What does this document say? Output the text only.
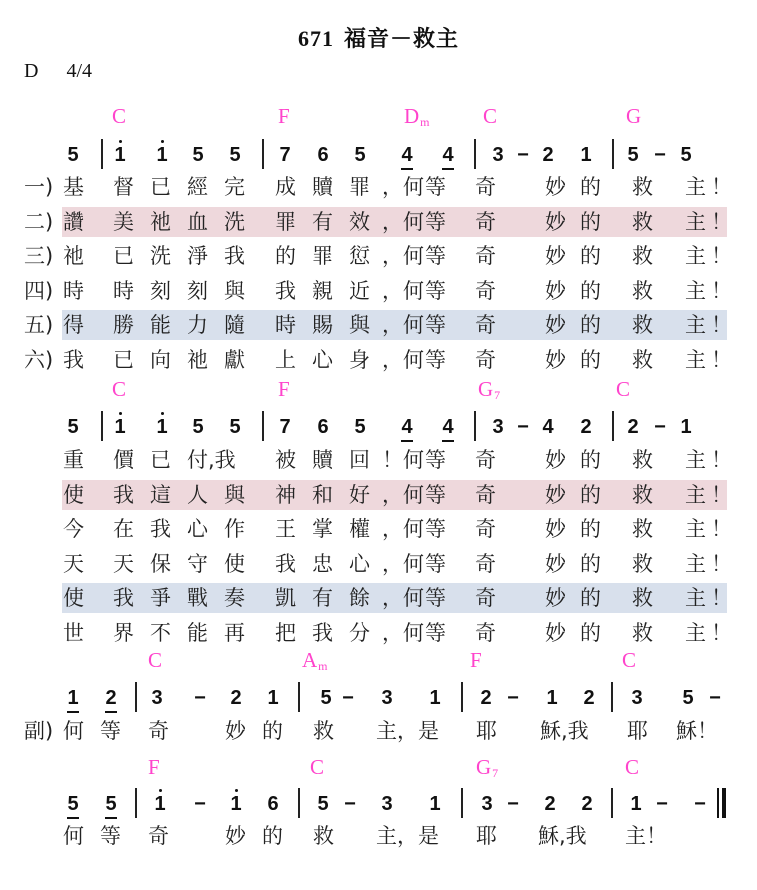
671 福音－救主
D 4/4
C	F	$D_m$	C	G
5 1 1 5 5 7 6 5 4 4 3 − 2 1 5 − 5
一) 基 督 已 經 完 成 贖 罪 ，何 等 奇 妙 的 救 主 ！
二) 讚 美 祂 血 洗 罪 有 效 ，何 等 奇 妙 的 救 主 ！
三) 祂 已 洗 淨 我 的 罪 愆 ，何 等 奇 妙 的 救 主 ！
四) 時 時 刻 刻 與 我 親 近 ，何 等 奇 妙 的 救 主 ！
五) 得 勝 能 力 隨 時 賜 與 ，何 等 奇 妙 的 救 主 ！
六) 我 已 向 祂 獻 上 心 身 ，何 等 奇 妙 的 救 主 ！
C	F	$G_7$	C
5 1 1 5 5 7 6 5 4 4 3 − 4 2 2 − 1
重 價 已 付,我 被 贖 回 ！何 等 奇 妙 的 救 主 ！
使 我 這 人 與 神 和 好 ，何 等 奇 妙 的 救 主 ！
今 在 我 心 作 王 掌 權 ，何 等 奇 妙 的 救 主 ！
天 天 保 守 使 我 忠 心 ，何 等 奇 妙 的 救 主 ！
使 我 爭 戰 奏 凱 有 餘 ，何 等 奇 妙 的 救 主 ！
世 界 不 能 再 把 我 分 ，何 等 奇 妙 的 救 主 ！
C	$A_m$	F	C
1 2 3 − 2 1 5 − 3 1 2 − 1 2 3 5 −
副) 何 等 奇	妙 的 救 主，是 耶 穌,我 耶 穌！
F	C	$G_7$	C
5 5 1 − 1 6 5 − 3 1 3 − 2 2 1 − −
何 等 奇	妙 的 救 主，是 耶 穌,我 主！
